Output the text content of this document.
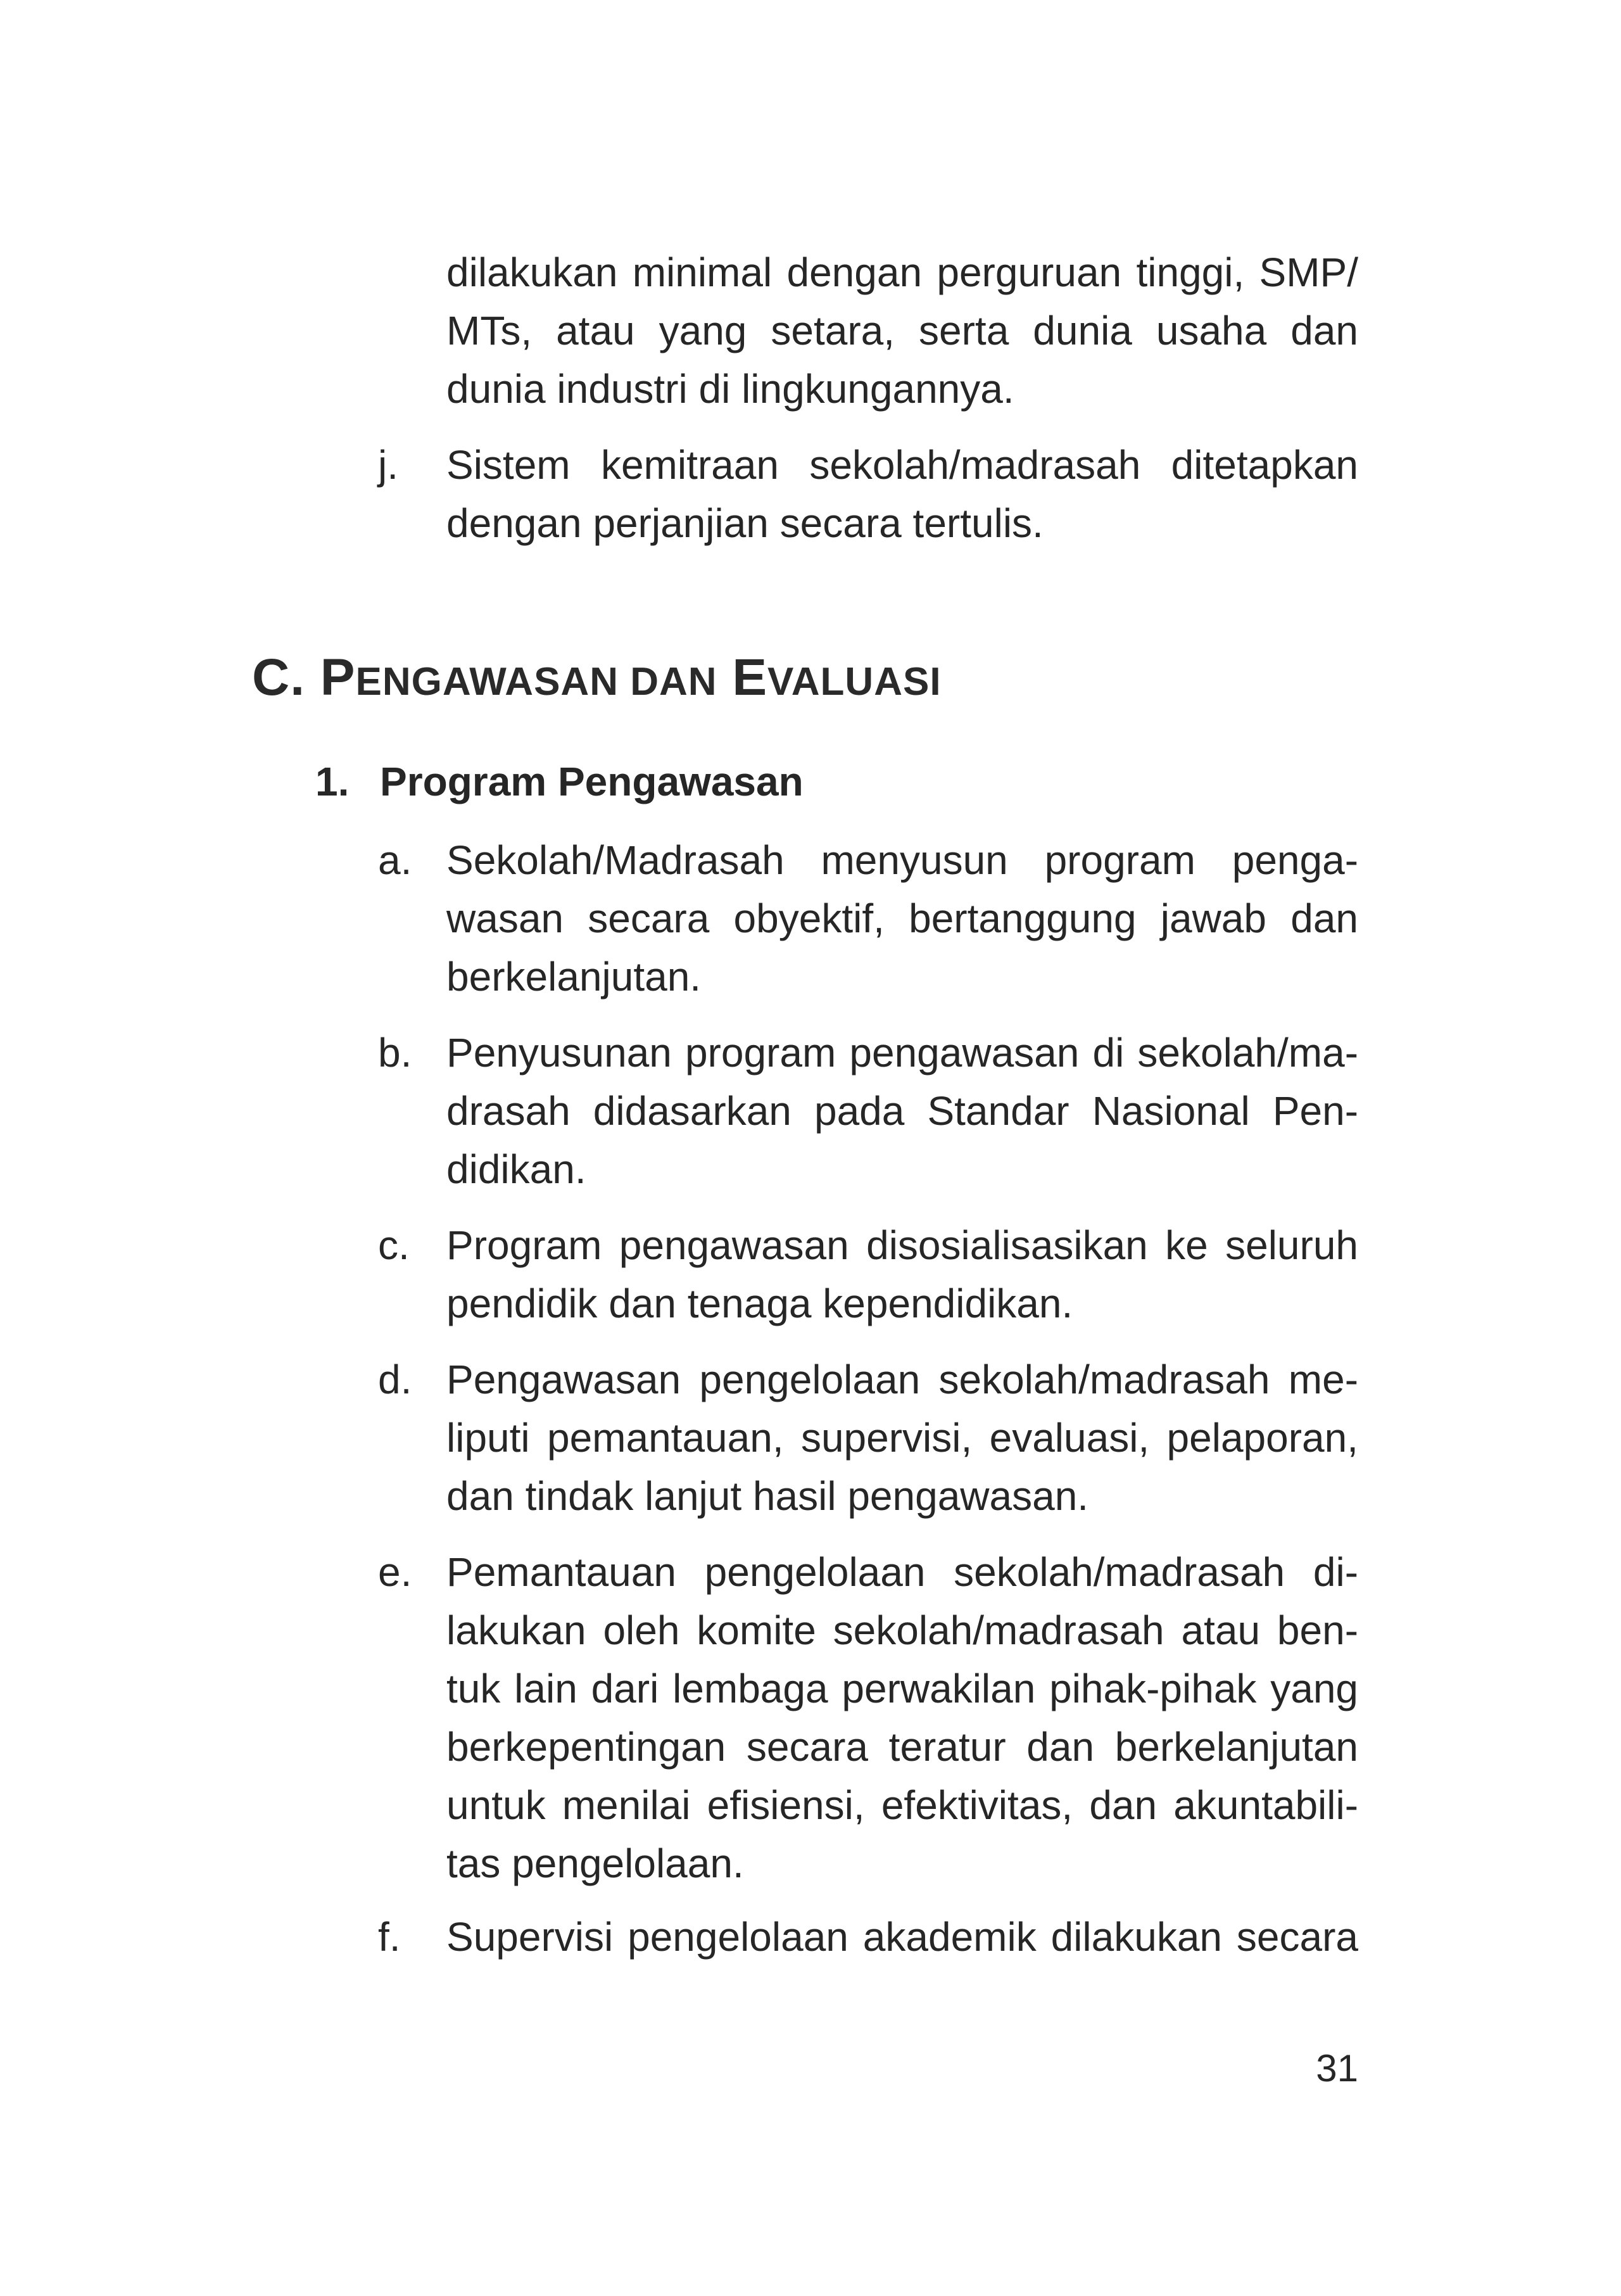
dilakukan minimal dengan perguruan tinggi, SMP/
MTs, atau yang setara, serta dunia usaha dan
dunia industri di lingkungannya.
j. Sistem kemitraan sekolah/madrasah ditetapkan
dengan perjanjian secara tertulis.
C. PENGAWASAN DAN EVALUASI
1. Program Pengawasan
a. Sekolah/Madrasah menyusun program penga-
wasan secara obyektif, bertanggung jawab dan
berkelanjutan.
b. Penyusunan program pengawasan di sekolah/ma-
drasah didasarkan pada Standar Nasional Pen-
didikan.
c. Program pengawasan disosialisasikan ke seluruh
pendidik dan tenaga kependidikan.
d. Pengawasan pengelolaan sekolah/madrasah me-
liputi pemantauan, supervisi, evaluasi, pelaporan,
dan tindak lanjut hasil pengawasan.
e. Pemantauan pengelolaan sekolah/madrasah di-
lakukan oleh komite sekolah/madrasah atau ben-
tuk lain dari lembaga perwakilan pihak-pihak yang
berkepentingan secara teratur dan berkelanjutan
untuk menilai efisiensi, efektivitas, dan akuntabili-
tas pengelolaan.
f. Supervisi pengelolaan akademik dilakukan secara
31
